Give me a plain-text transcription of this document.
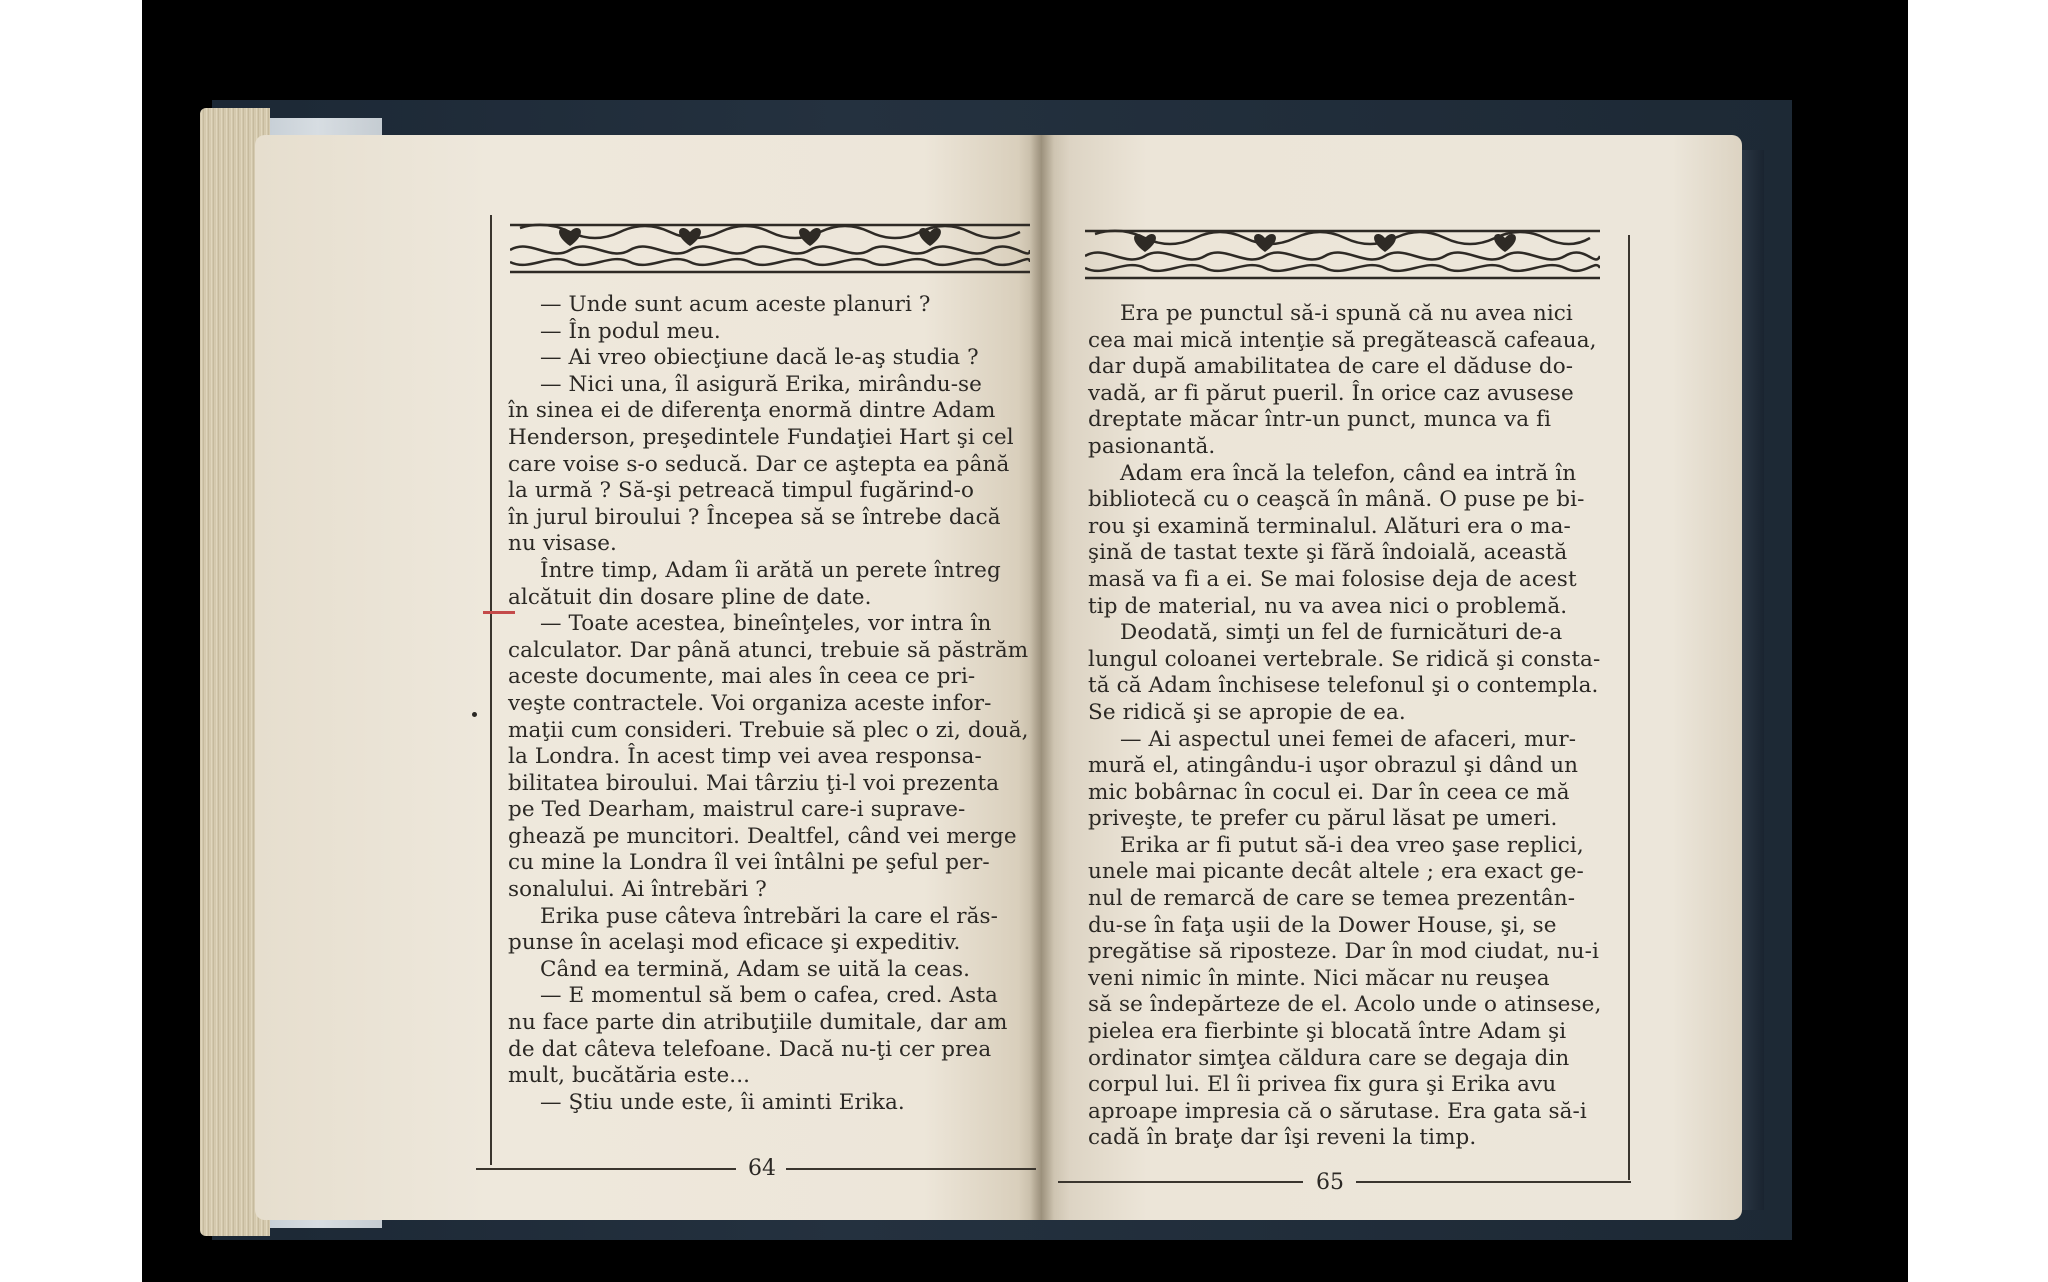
— Unde sunt acum aceste planuri ?

— În podul meu.

— Ai vreo obiecţiune dacă le-aş studia ?

— Nici una, îl asigură Erika, mirându-se

în sinea ei de diferenţa enormă dintre Adam

Henderson, preşedintele Fundaţiei Hart şi cel

care voise s-o seducă. Dar ce aştepta ea până

la urmă ? Să-şi petreacă timpul fugărind-o

în jurul biroului ? Începea să se întrebe dacă

nu visase.

Între timp, Adam îi arătă un perete întreg

alcătuit din dosare pline de date.

— Toate acestea, bineînţeles, vor intra în

calculator. Dar până atunci, trebuie să păstrăm

aceste documente, mai ales în ceea ce pri-

veşte contractele. Voi organiza aceste infor-

maţii cum consideri. Trebuie să plec o zi, două,

la Londra. În acest timp vei avea responsa-

bilitatea biroului. Mai târziu ţi-l voi prezenta

pe Ted Dearham, maistrul care-i suprave-

ghează pe muncitori. Dealtfel, când vei merge

cu mine la Londra îl vei întâlni pe şeful per-

sonalului. Ai întrebări ?

Erika puse câteva întrebări la care el răs-

punse în acelaşi mod eficace şi expeditiv.

Când ea termină, Adam se uită la ceas.

— E momentul să bem o cafea, cred. Asta

nu face parte din atribuţiile dumitale, dar am

de dat câteva telefoane. Dacă nu-ţi cer prea

mult, bucătăria este...

— Ştiu unde este, îi aminti Erika.

64

Era pe punctul să-i spună că nu avea nici

cea mai mică intenţie să pregătească cafeaua,

dar după amabilitatea de care el dăduse do-

vadă, ar fi părut pueril. În orice caz avusese

dreptate măcar într-un punct, munca va fi

pasionantă.

Adam era încă la telefon, când ea intră în

bibliotecă cu o ceaşcă în mână. O puse pe bi-

rou şi examină terminalul. Alături era o ma-

şină de tastat texte şi fără îndoială, această

masă va fi a ei. Se mai folosise deja de acest

tip de material, nu va avea nici o problemă.

Deodată, simţi un fel de furnicături de-a

lungul coloanei vertebrale. Se ridică şi consta-

tă că Adam închisese telefonul şi o contempla.

Se ridică şi se apropie de ea.

— Ai aspectul unei femei de afaceri, mur-

mură el, atingându-i uşor obrazul şi dând un

mic bobârnac în cocul ei. Dar în ceea ce mă

priveşte, te prefer cu părul lăsat pe umeri.

Erika ar fi putut să-i dea vreo şase replici,

unele mai picante decât altele ; era exact ge-

nul de remarcă de care se temea prezentân-

du-se în faţa uşii de la Dower House, şi, se

pregătise să riposteze. Dar în mod ciudat, nu-i

veni nimic în minte. Nici măcar nu reuşea

să se îndepărteze de el. Acolo unde o atinsese,

pielea era fierbinte şi blocată între Adam şi

ordinator simţea căldura care se degaja din

corpul lui. El îi privea fix gura şi Erika avu

aproape impresia că o sărutase. Era gata să-i

cadă în braţe dar îşi reveni la timp.

65
